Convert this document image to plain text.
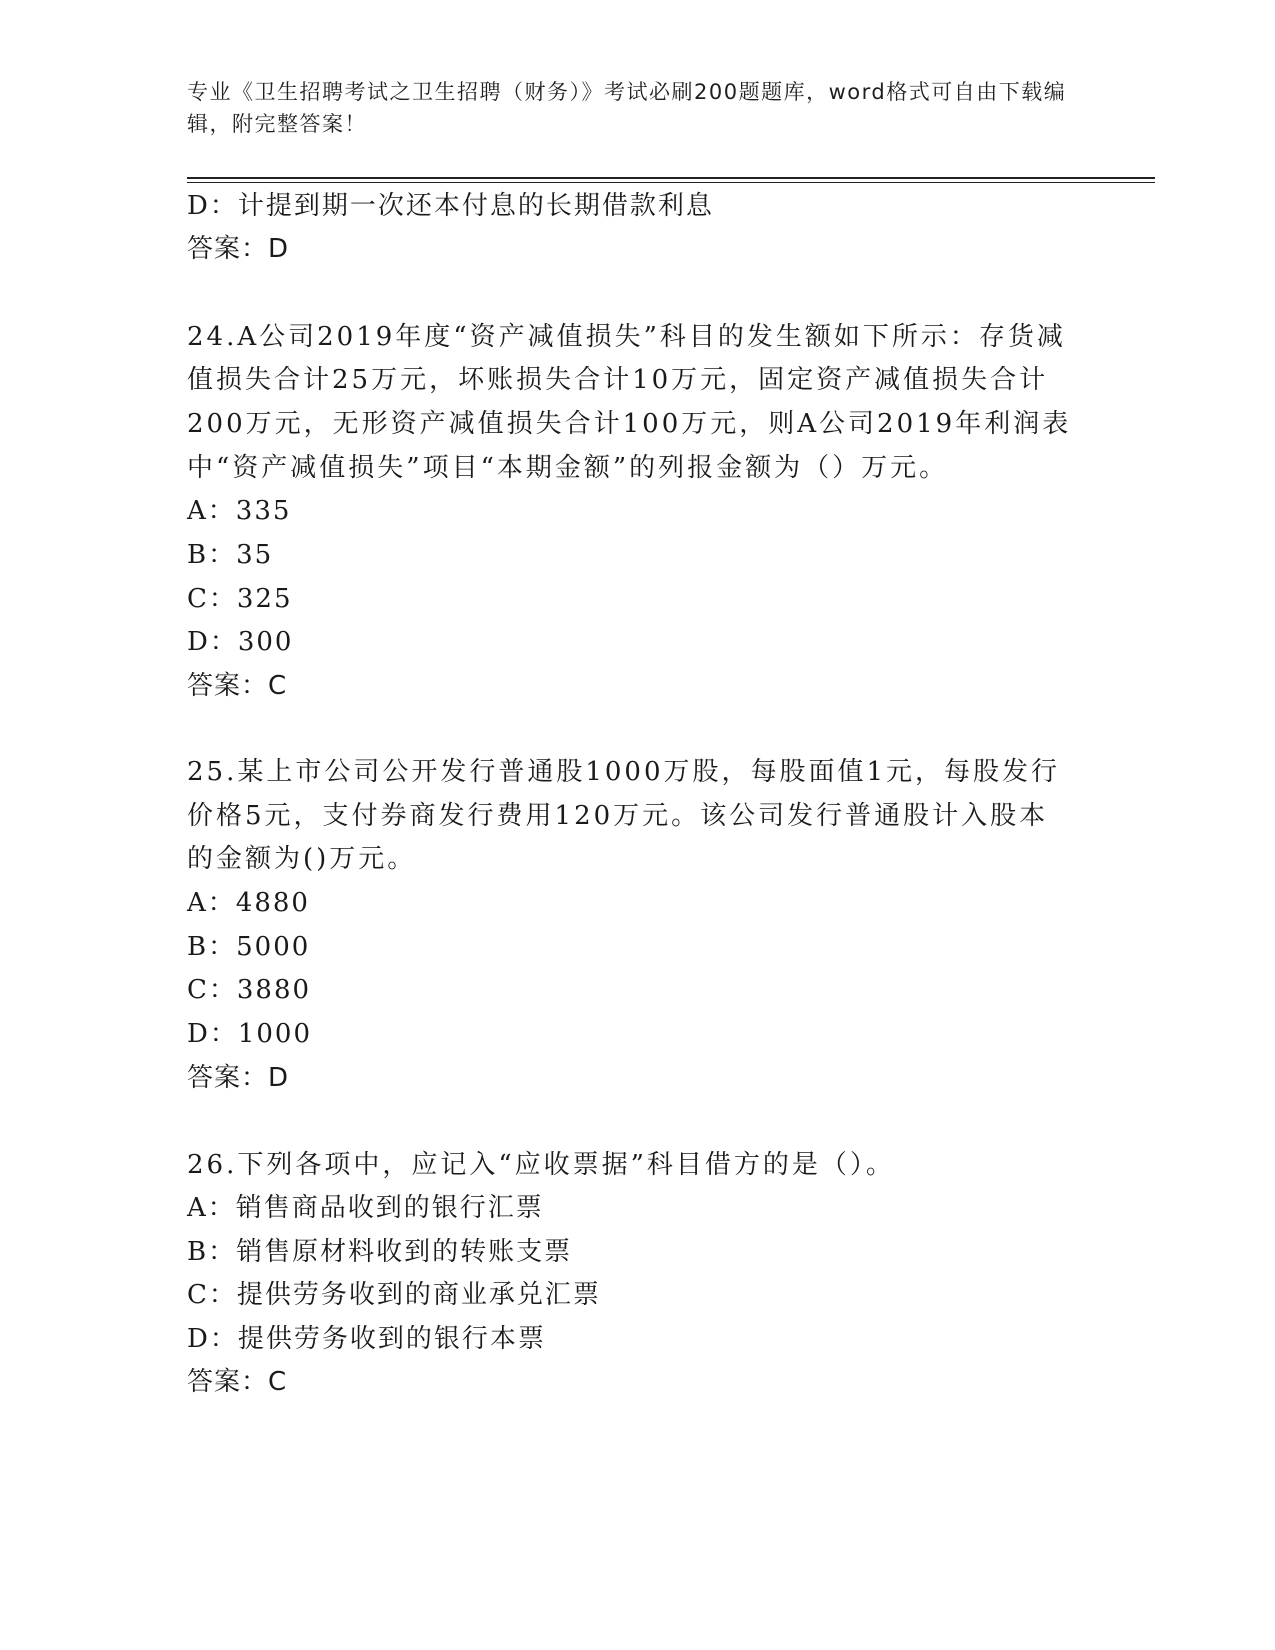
专业《卫生招聘考试之卫生招聘（财务）》考试必刷200题题库，word格式可自由下载编辑，附完整答案！

D：计提到期一次还本付息的长期借款利息

答案：D

24.A公司2019年度“资产减值损失”科目的发生额如下所示：存货减

值损失合计25万元，坏账损失合计10万元，固定资产减值损失合计

200万元，无形资产减值损失合计100万元，则A公司2019年利润表

中“资产减值损失”项目“本期金额”的列报金额为（）万元。

A：335

B：35

C：325

D：300

答案：C

25.某上市公司公开发行普通股1000万股，每股面值1元，每股发行

价格5元，支付券商发行费用120万元。该公司发行普通股计入股本

的金额为()万元。

A：4880

B：5000

C：3880

D：1000

答案：D

26.下列各项中，应记入“应收票据”科目借方的是（）。

A：销售商品收到的银行汇票

B：销售原材料收到的转账支票

C：提供劳务收到的商业承兑汇票

D：提供劳务收到的银行本票

答案：C
